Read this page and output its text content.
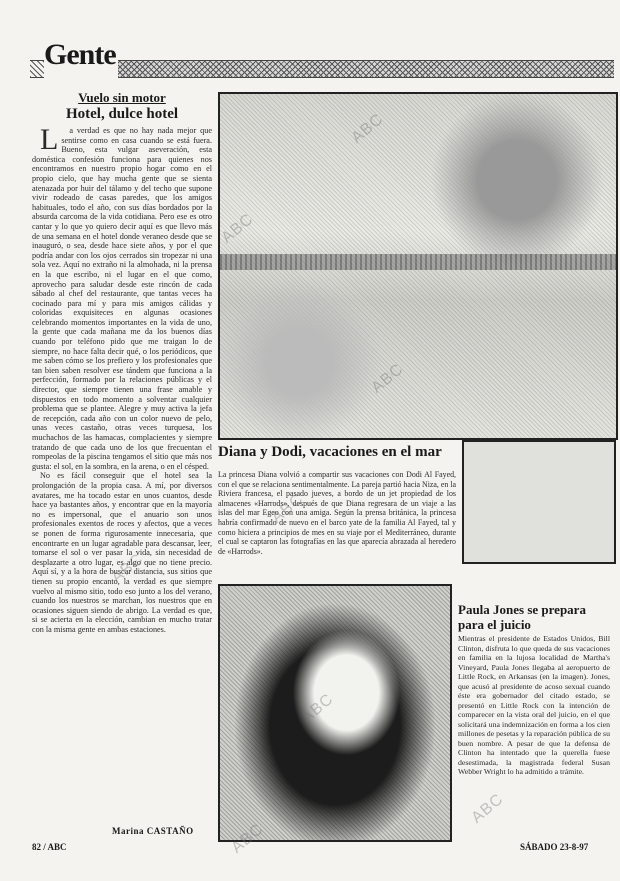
Gente
Vuelo sin motor
Hotel, dulce hotel

La verdad es que no hay nada mejor que sentirse como en casa cuando se está fuera. Bueno, esta vulgar aseveración, esta doméstica confesión funciona para quienes nos encontramos en nuestro propio hogar como en el propio cielo, que hay mucha gente que se sienta atenazada por huir del tálamo y del techo que supone vivir rodeado de casas paredes, que los amigos habituales, todo el año, con sus días bordados por la absurda carcoma de la vida cotidiana. Pero ese es otro cantar y lo que yo quiero decir aquí es que llevo más de una semana en el hotel donde veraneo desde que se inauguró, o sea, desde hace siete años, y por el que podría andar con los ojos cerrados sin tropezar ni una sola vez. Aquí no extraño ni la almohada, ni la prensa en la que escribo, ni el lugar en el que como, aprovecho para saludar desde este rincón de cada sábado al chef del restaurante, que tantas veces ha cocinado para mí y para mis amigos cálidas y coloridas exquisiteces en algunas ocasiones celebrando momentos importantes en la vida de uno, la gente que cada mañana me da los buenos días cuando por teléfono pido que me traigan lo de siempre, no hace falta decir qué, o los periódicos, que me saben cómo se los prefiero y los profesionales que tan bien saben resolver ese tándem que funciona a la perfección, formado por la relaciones públicas y el director, que siempre tienen una frase amable y dispuestos en todo momento a solventar cualquier problema que se plantee. Alegre y muy activa la jefa de recepción, cada año con un color nuevo de pelo, unas veces castaño, otras veces turquesa, los muchachos de las hamacas, complacientes y siempre tratando de que cada uno de los que frecuentan el rompeolas de la piscina tengamos el sitio que más nos gusta: el sol, en la sombra, en la arena, o en el césped.

No es fácil conseguir que el hotel sea la prolongación de la propia casa. A mí, por diversos avatares, me ha tocado estar en unos cuantos, desde hace ya bastantes años, y encontrar que en la mayoría no es impersonal, que el anuario son unos profesionales exentos de roces y afectos, que a veces se ponen de forma rigurosamente innecesaria, que encontrarte en un lugar agradable para descansar, leer, tomarse el sol o ver pasar la vida, sin necesidad de desplazarte a otro lugar, es algo que no tiene precio. Aquí sí, y a la hora de buscar distancia, sus sitios que tienen su propio encanto, la verdad es que siempre vuelvo al mismo sitio, todo eso junto a los del verano, cuando los nuestros se marchan, los nuestros que en ocasiones siguen siendo de abrigo. La verdad es que, si se acierta en la elección, cambian en mucho tratar con la misma gente en ambas estaciones.

Marina CASTAÑO
Diana y Dodi, vacaciones en el mar
La princesa Diana volvió a compartir sus vacaciones con Dodi Al Fayed, con el que se relaciona sentimentalmente. La pareja partió hacia Niza, en la Riviera francesa, el pasado jueves, a bordo de un jet propiedad de los almacenes «Harrods», después de que Diana regresara de un viaje a las islas del mar Egeo con una amiga. Según la prensa británica, la princesa habría confirmado de nuevo en el barco yate de la familia Al Fayed, tal y como hiciera a principios de mes en su viaje por el Mediterráneo, durante el cual se captaron las fotografías en las que aparecía abrazada al heredero de «Harrods».
Paula Jones se prepara para el juicio
Mientras el presidente de Estados Unidos, Bill Clinton, disfruta lo que queda de sus vacaciones en familia en la lujosa localidad de Martha's Vineyard, Paula Jones llegaba al aeropuerto de Little Rock, en Arkansas (en la imagen). Jones, que acusó al presidente de acoso sexual cuando éste era gobernador del citado estado, se presentó en Little Rock con la intención de comparecer en la vista oral del juicio, en el que solicitará una indemnización en forma a los cien millones de pesetas y la reparación pública de su buen nombre. A pesar de que la defensa de Clinton ha intentado que la querella fuese desestimada, la magistrada federal Susan Webber Wright lo ha admitido a trámite.
82 / ABC	SÁBADO 23-8-97
ABC
ABC
ABC
ABC
ABC
ABC
ABC
ABC
